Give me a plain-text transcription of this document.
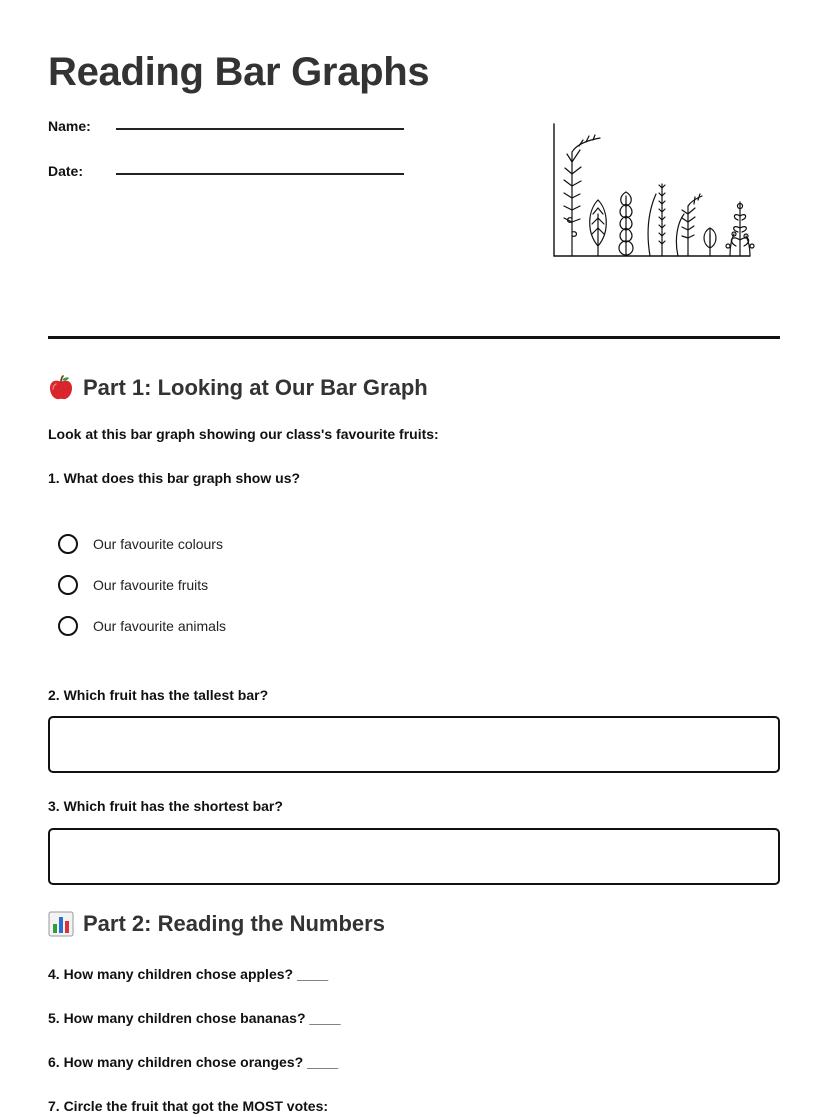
Reading Bar Graphs
Name:
Date:
Part 1: Looking at Our Bar Graph
Look at this bar graph showing our class's favourite fruits:
1. What does this bar graph show us?
Our favourite colours
Our favourite fruits
Our favourite animals
2. Which fruit has the tallest bar?
3. Which fruit has the shortest bar?
Part 2: Reading the Numbers
4. How many children chose apples? ____
5. How many children chose bananas? ____
6. How many children chose oranges? ____
7. Circle the fruit that got the MOST votes:
